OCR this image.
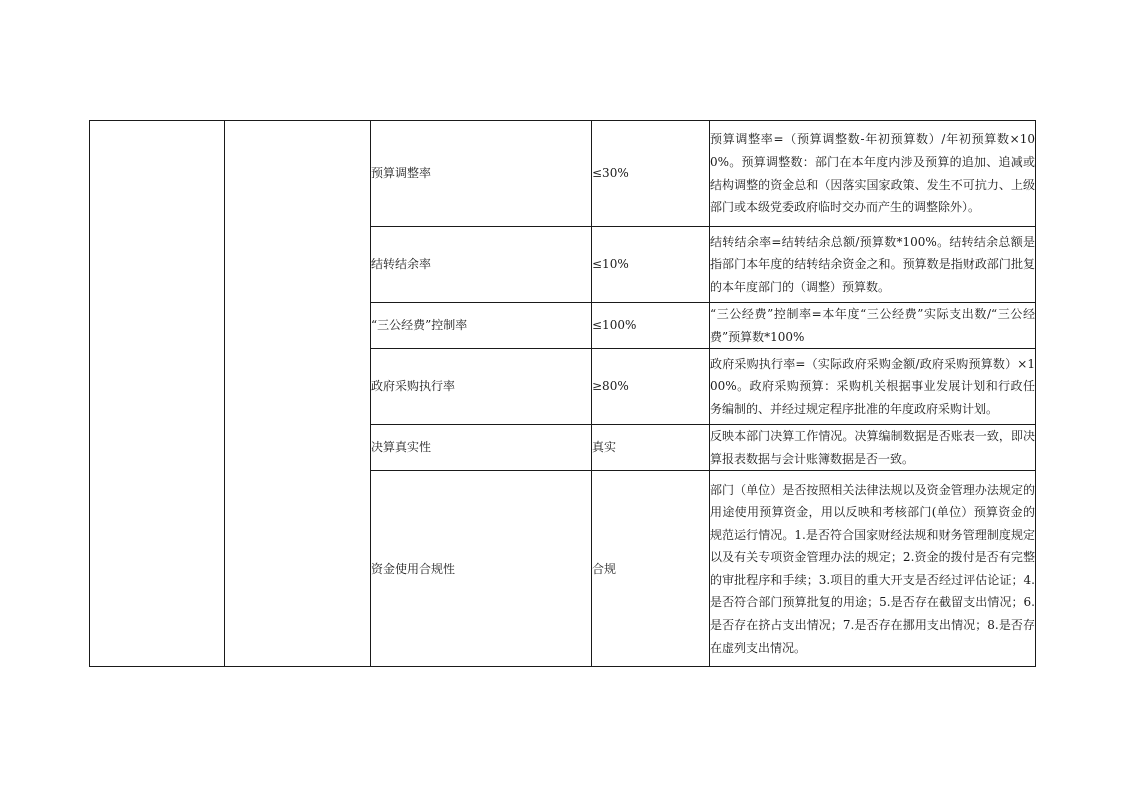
		预算调整率	≤30%	预算调整率=（预算调整数-年初预算数）/年初预算数×100%。预算调整数：部门在本年度内涉及预算的追加、追减或结构调整的资金总和（因落实国家政策、发生不可抗力、上级部门或本级党委政府临时交办而产生的调整除外）。

		结转结余率	≤10%	结转结余率=结转结余总额/预算数*100%。结转结余总额是指部门本年度的结转结余资金之和。预算数是指财政部门批复的本年度部门的（调整）预算数。

		“三公经费”控制率	≤100%	“三公经费”控制率=本年度“三公经费”实际支出数/“三公经费”预算数*100%

		政府采购执行率	≥80%	政府采购执行率=（实际政府采购金额/政府采购预算数）×100%。政府采购预算：采购机关根据事业发展计划和行政任务编制的、并经过规定程序批准的年度政府采购计划。

		决算真实性	真实	反映本部门决算工作情况。决算编制数据是否账表一致，即决算报表数据与会计账簿数据是否一致。

		资金使用合规性	合规	部门（单位）是否按照相关法律法规以及资金管理办法规定的用途使用预算资金，用以反映和考核部门(单位）预算资金的规范运行情况。1.是否符合国家财经法规和财务管理制度规定以及有关专项资金管理办法的规定；2.资金的拨付是否有完整的审批程序和手续；3.项目的重大开支是否经过评估论证；4.是否符合部门预算批复的用途；5.是否存在截留支出情况；6.是否存在挤占支出情况；7.是否存在挪用支出情况；8.是否存在虚列支出情况。
